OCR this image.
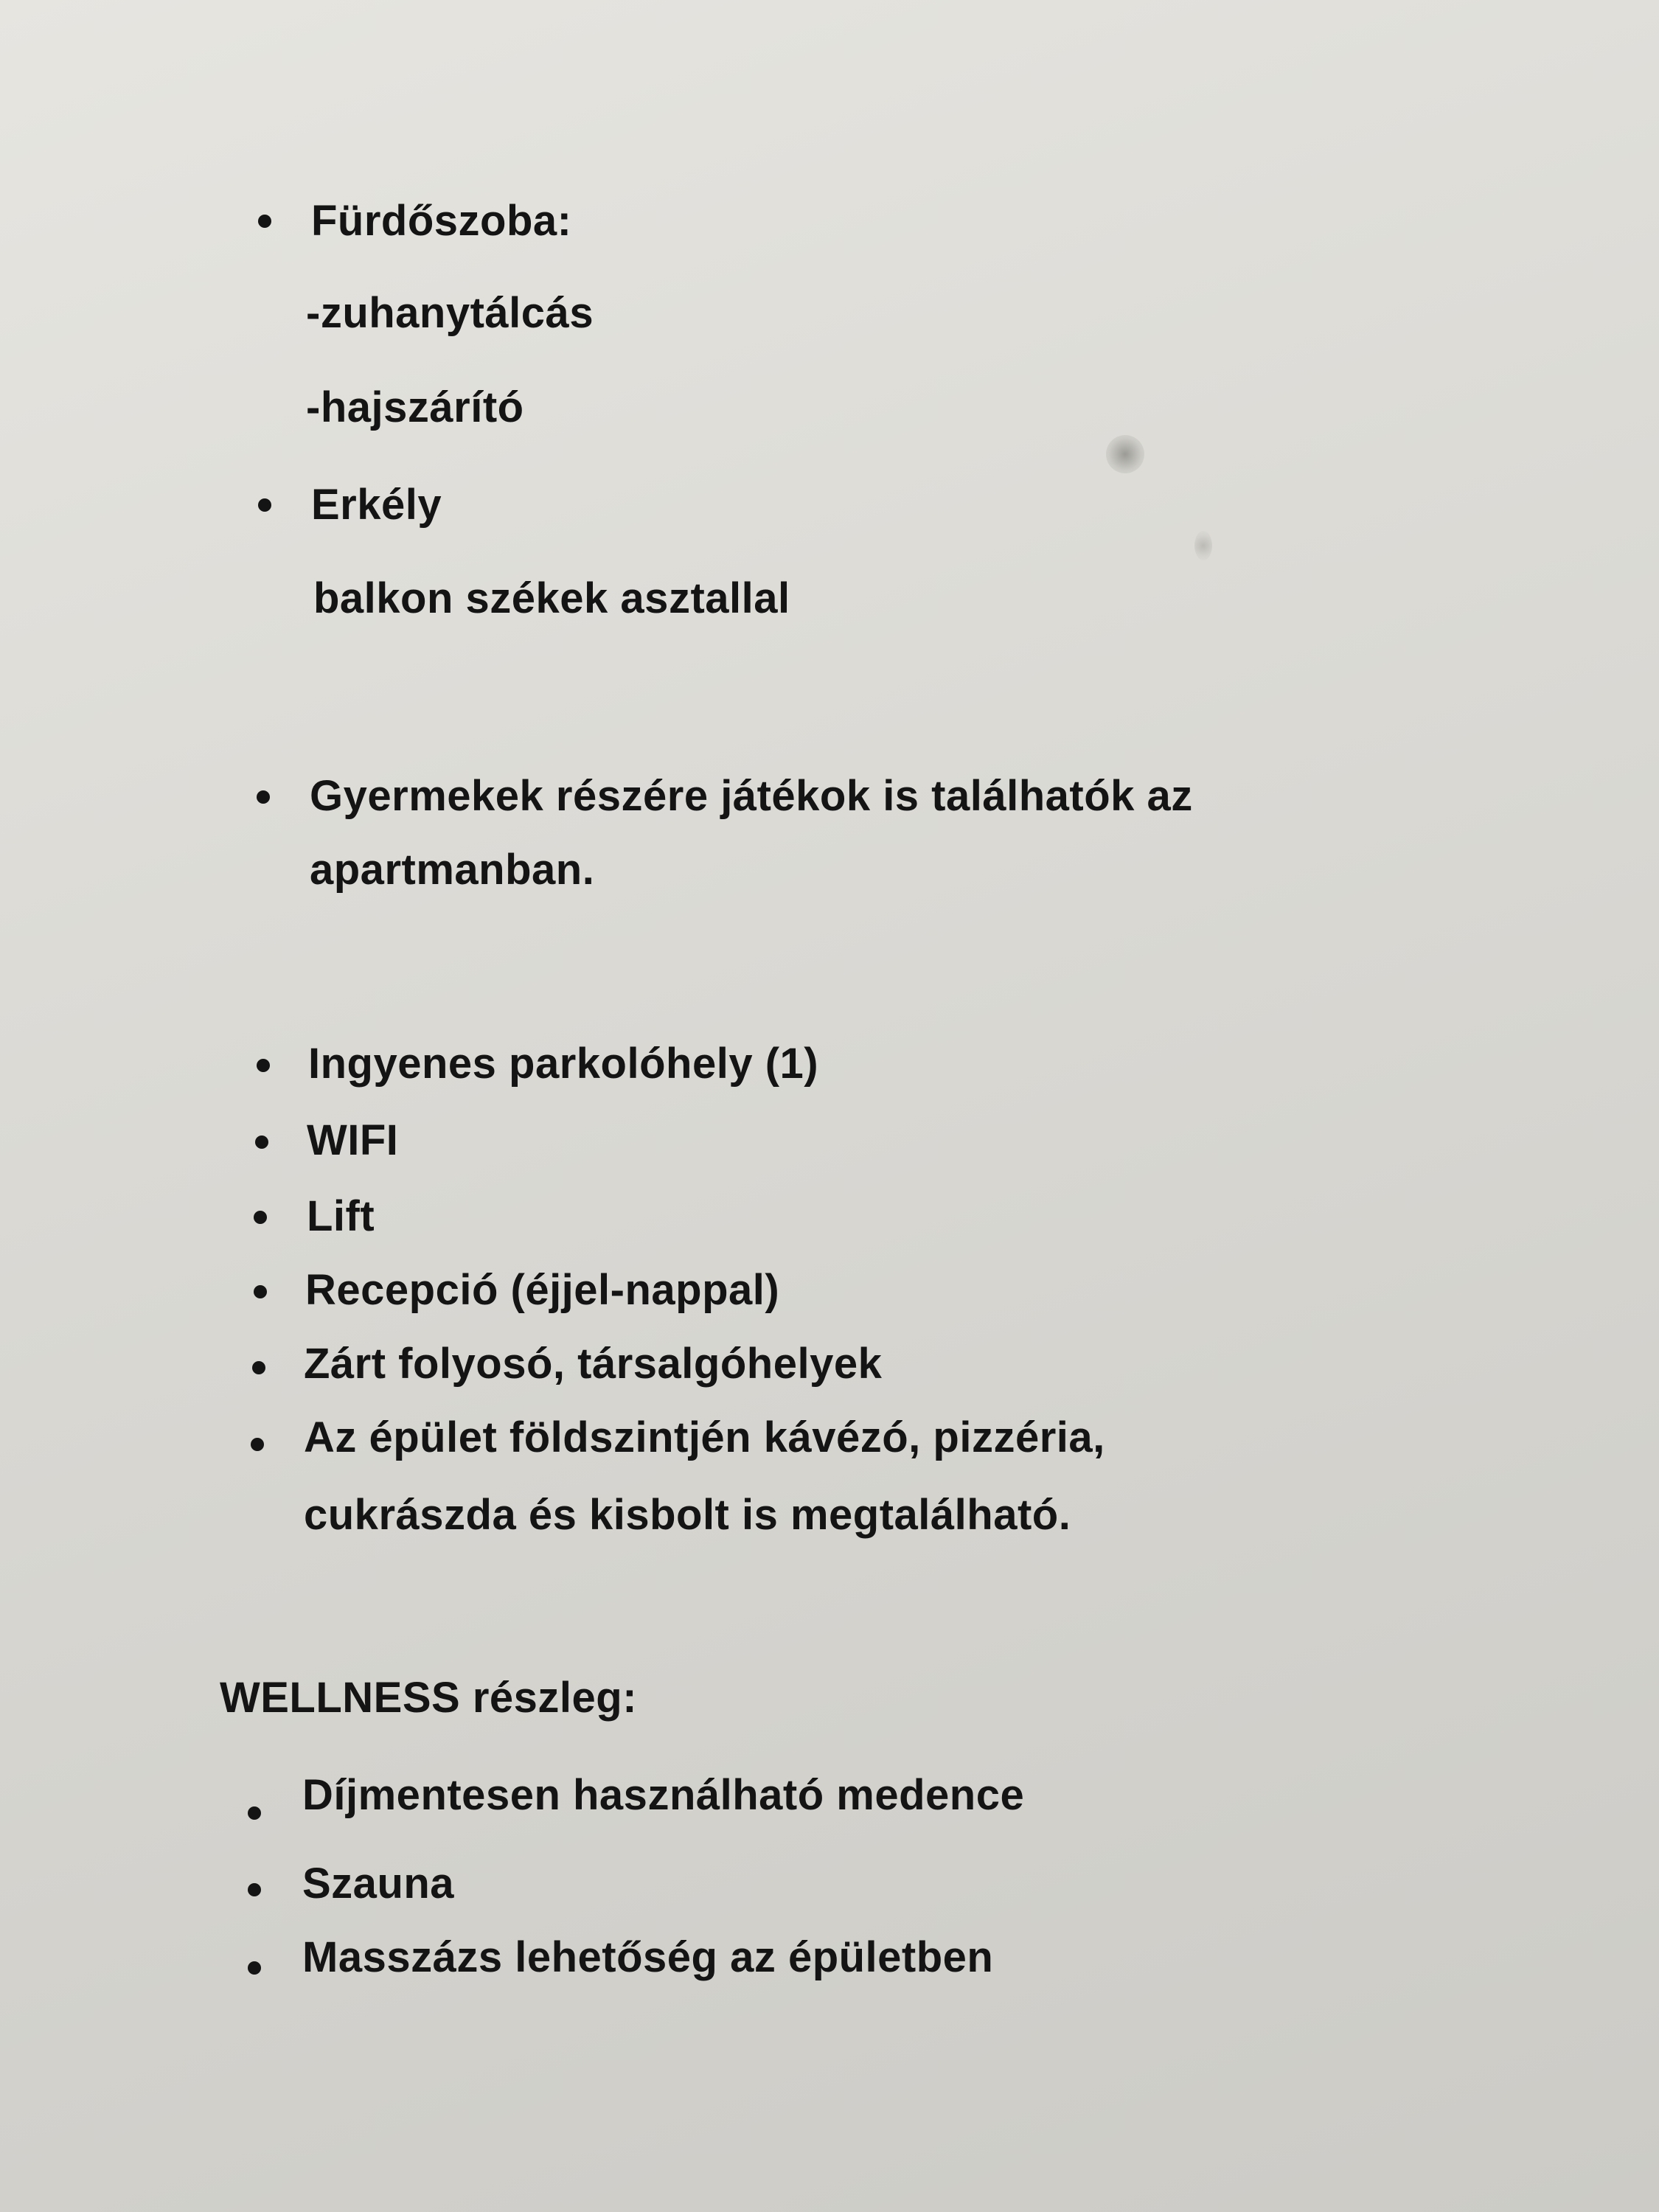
Fürdőszoba:
-zuhanytálcás
-hajszárító
Erkély
balkon székek asztallal
Gyermekek részére játékok is találhatók az
apartmanban.
Ingyenes parkolóhely (1)
WIFI
Lift
Recepció (éjjel-nappal)
Zárt folyosó, társalgóhelyek
Az épület földszintjén kávézó, pizzéria,
cukrászda és kisbolt is megtalálható.
WELLNESS részleg:
Díjmentesen használható medence
Szauna
Masszázs lehetőség az épületben
